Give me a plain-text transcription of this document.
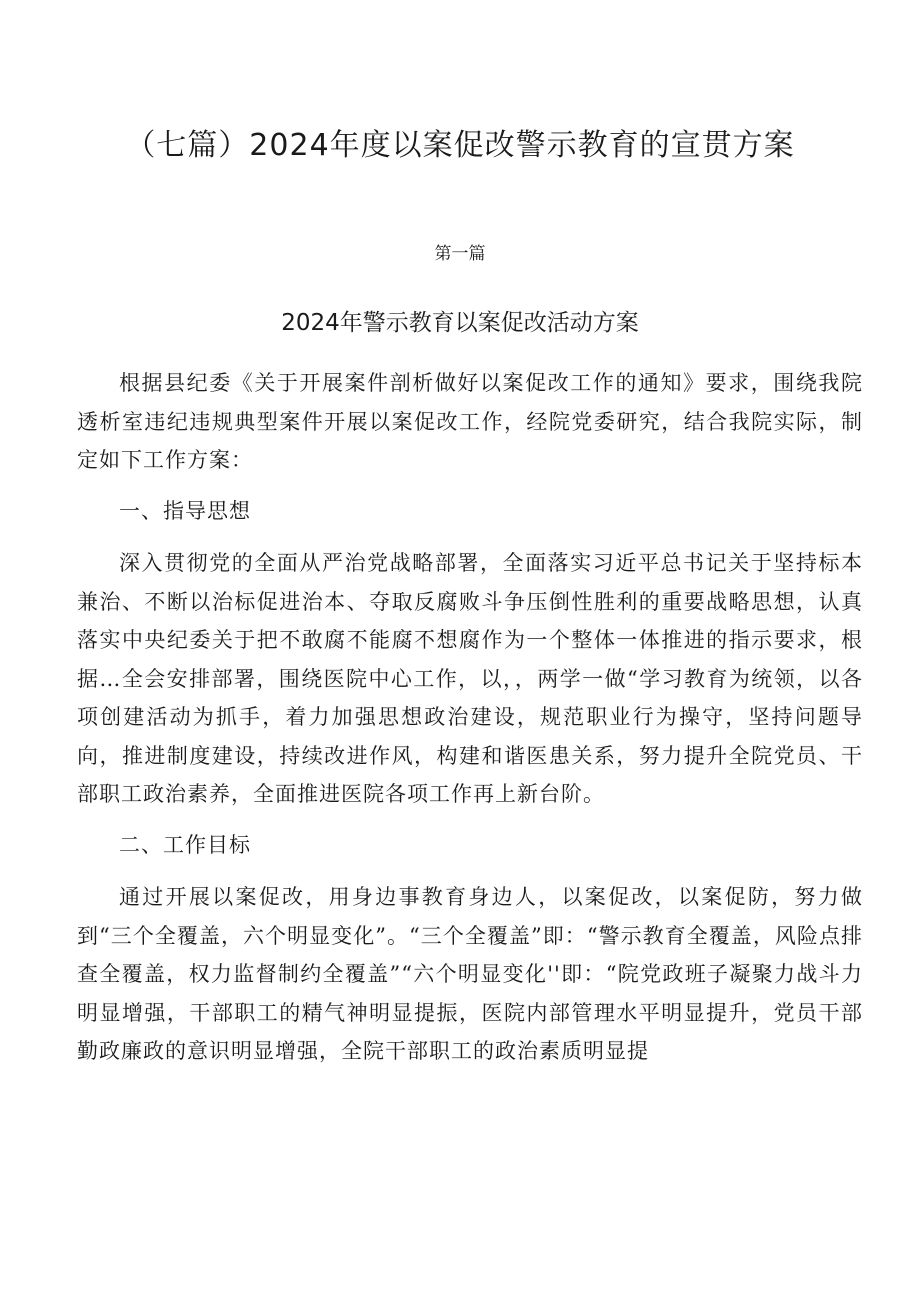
（七篇）2024年度以案促改警示教育的宣贯方案
第一篇
2024年警示教育以案促改活动方案

根据县纪委《关于开展案件剖析做好以案促改工作的通知》要求，围绕我院透析室违纪违规典型案件开展以案促改工作，经院党委研究，结合我院实际，制定如下工作方案：

一、指导思想

深入贯彻党的全面从严治党战略部署，全面落实习近平总书记关于坚持标本兼治、不断以治标促进治本、夺取反腐败斗争压倒性胜利的重要战略思想，认真落实中央纪委关于把不敢腐不能腐不想腐作为一个整体一体推进的指示要求，根据…全会安排部署，围绕医院中心工作，以，，两学一做“学习教育为统领，以各项创建活动为抓手，着力加强思想政治建设，规范职业行为操守，坚持问题导向，推进制度建设，持续改进作风，构建和谐医患关系，努力提升全院党员、干部职工政治素养，全面推进医院各项工作再上新台阶。

二、工作目标

通过开展以案促改，用身边事教育身边人，以案促改，以案促防，努力做到“三个全覆盖，六个明显变化”。“三个全覆盖”即：“警示教育全覆盖，风险点排查全覆盖，权力监督制约全覆盖”“六个明显变化''即：“院党政班子凝聚力战斗力明显增强，干部职工的精气神明显提振，医院内部管理水平明显提升，党员干部勤政廉政的意识明显增强，全院干部职工的政治素质明显提
